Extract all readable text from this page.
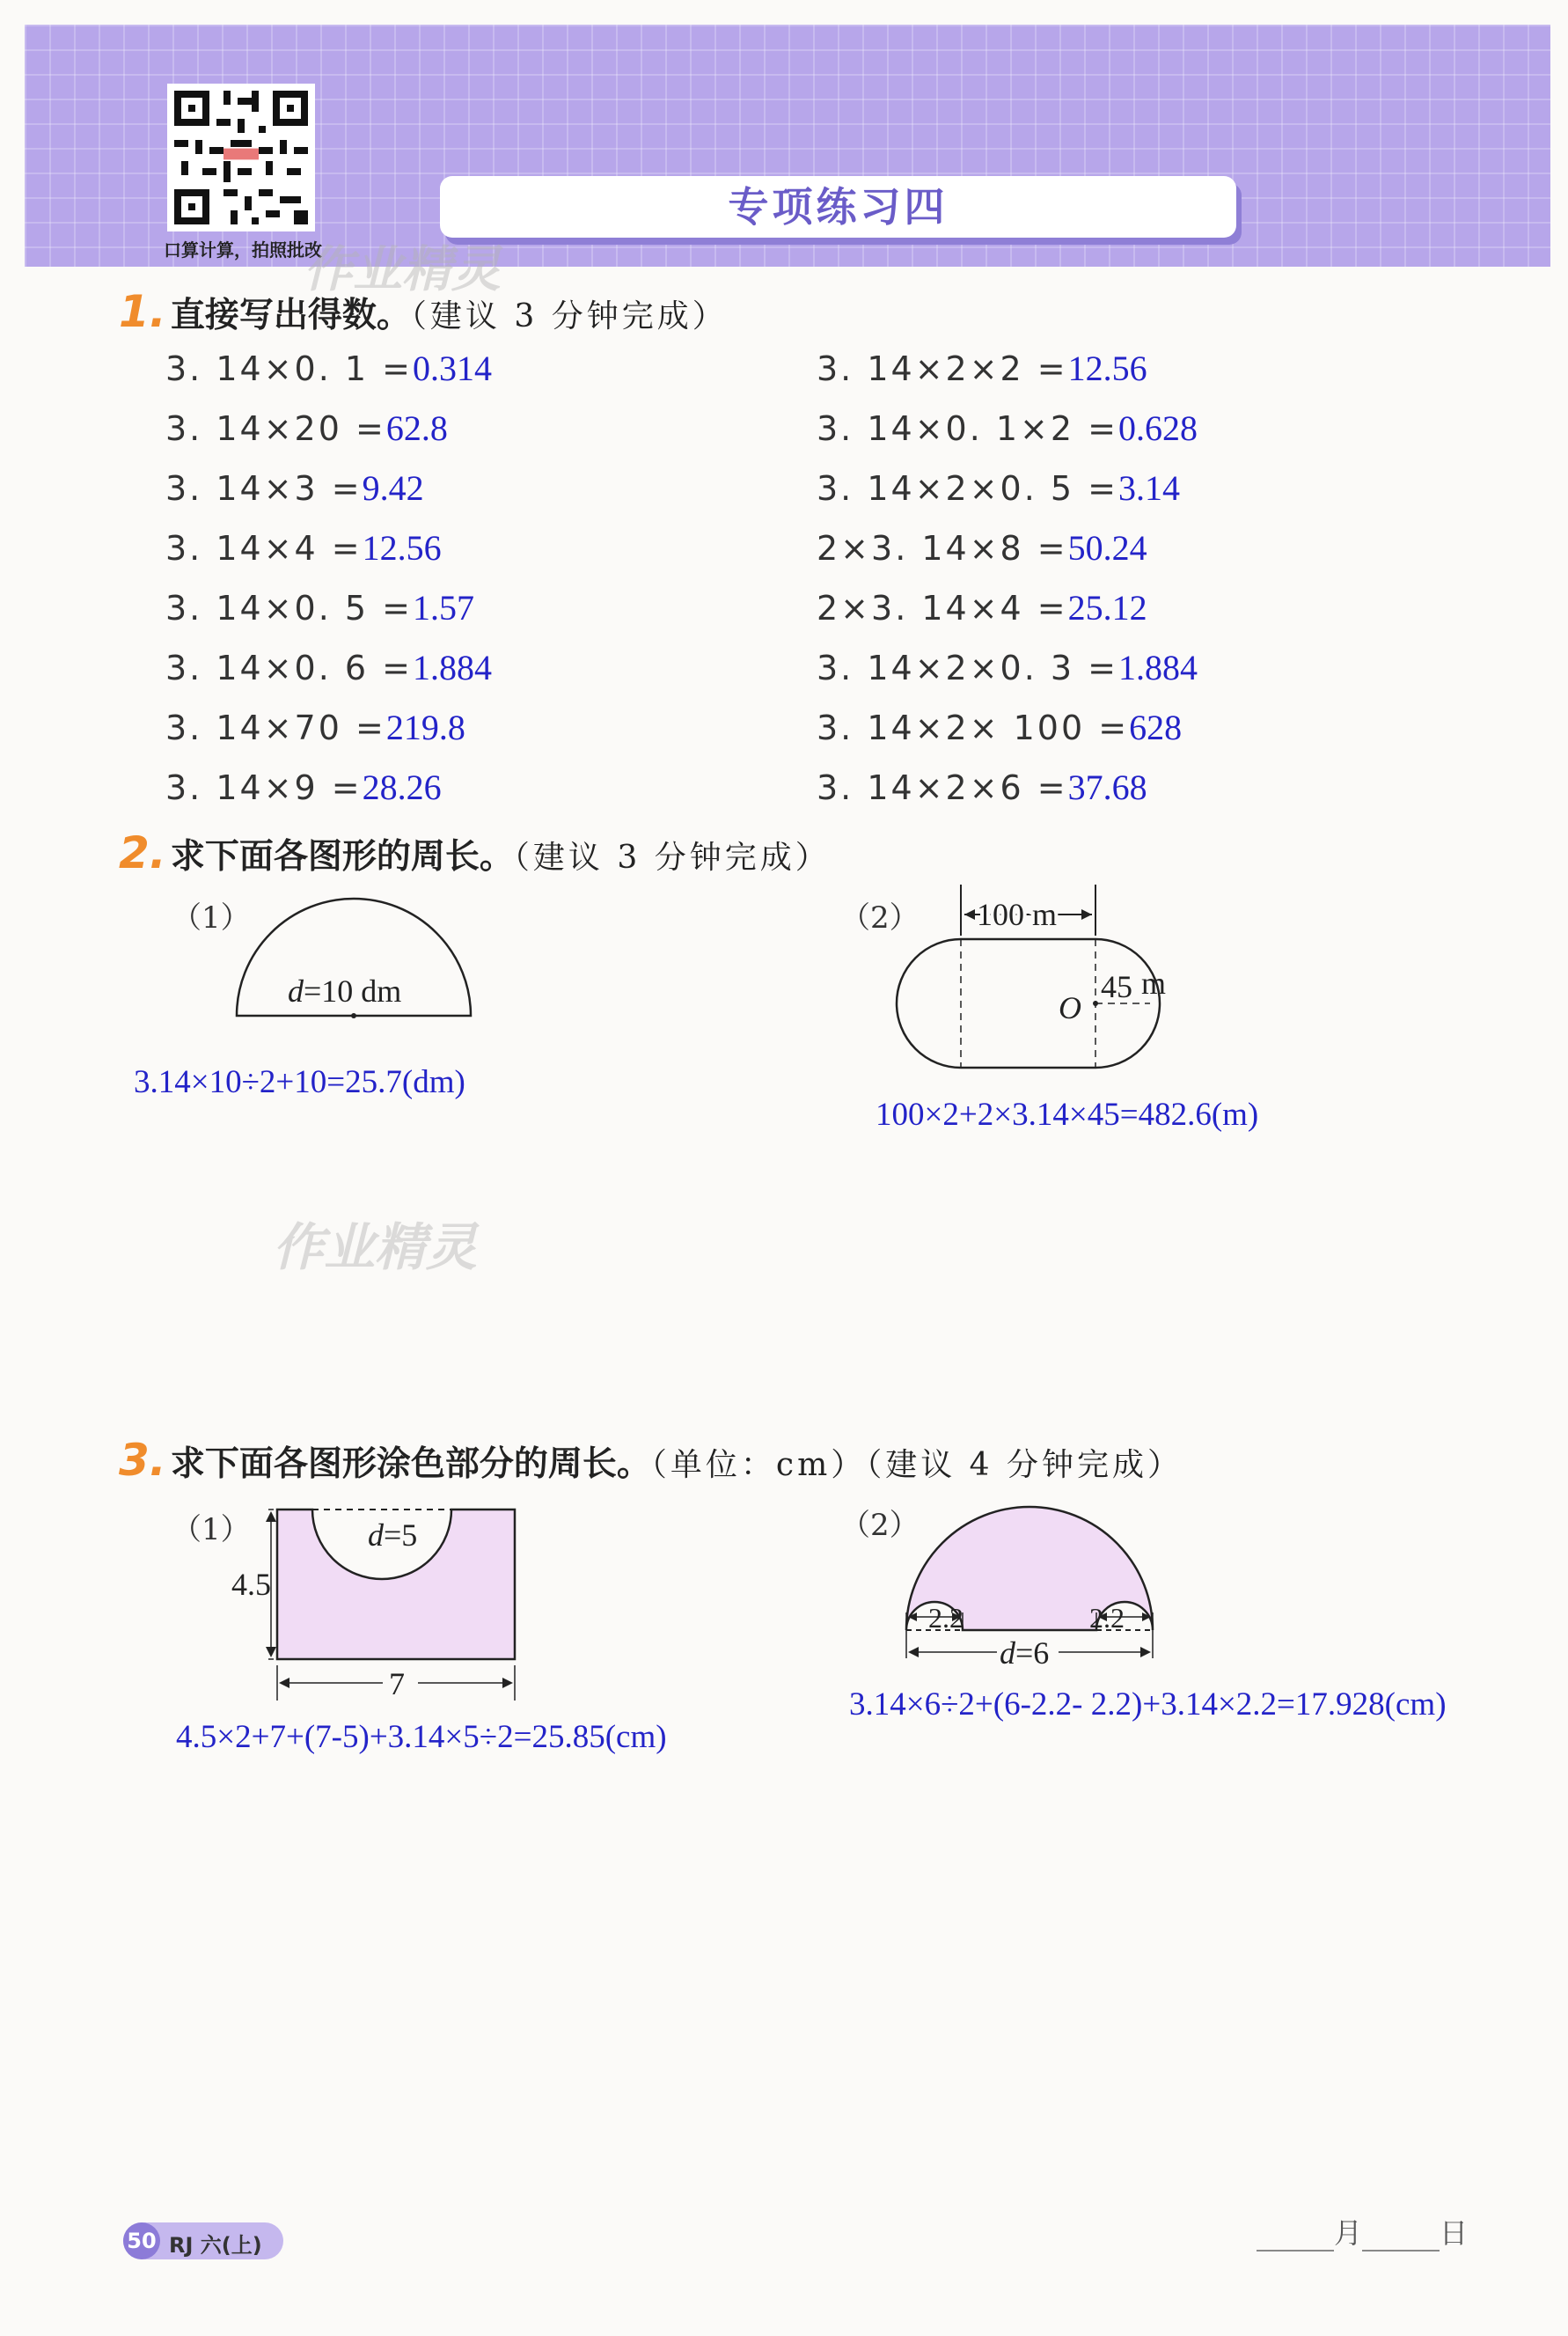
口算计算，拍照批改
专项练习四
作业精灵
1. 直接写出得数。（建议 3 分钟完成）
3. 14×0. 1 =0.314
3. 14×20 =62.8
3. 14×3 =9.42
3. 14×4 =12.56
3. 14×0. 5 =1.57
3. 14×0. 6 =1.884
3. 14×70 =219.8
3. 14×9 =28.26
3. 14×2×2 =12.56
3. 14×0. 1×2 =0.628
3. 14×2×0. 5 =3.14
2×3. 14×8 =50.24
2×3. 14×4 =25.12
3. 14×2×0. 3 =1.884
3. 14×2× 100 =628
3. 14×2×6 =37.68
2. 求下面各图形的周长。（建议 3 分钟完成）
（1）
d=10 dm
3.14×10÷2+10=25.7(dm)
（2） 100 m
45 m
O
100×2+2×3.14×45=482.6(m)
作业精灵
3. 求下面各图形涂色部分的周长。（单位：cm）（建议 4 分钟完成）
（1）
7
4.5
d=5
4.5×2+7+(7-5)+3.14×5÷2=25.85(cm)
（2）
2.2	2.2
d=6
3.14×6÷2+(6-2.2- 2.2)+3.14×2.2=17.928(cm)
50 RJ 六(上)	月	日
